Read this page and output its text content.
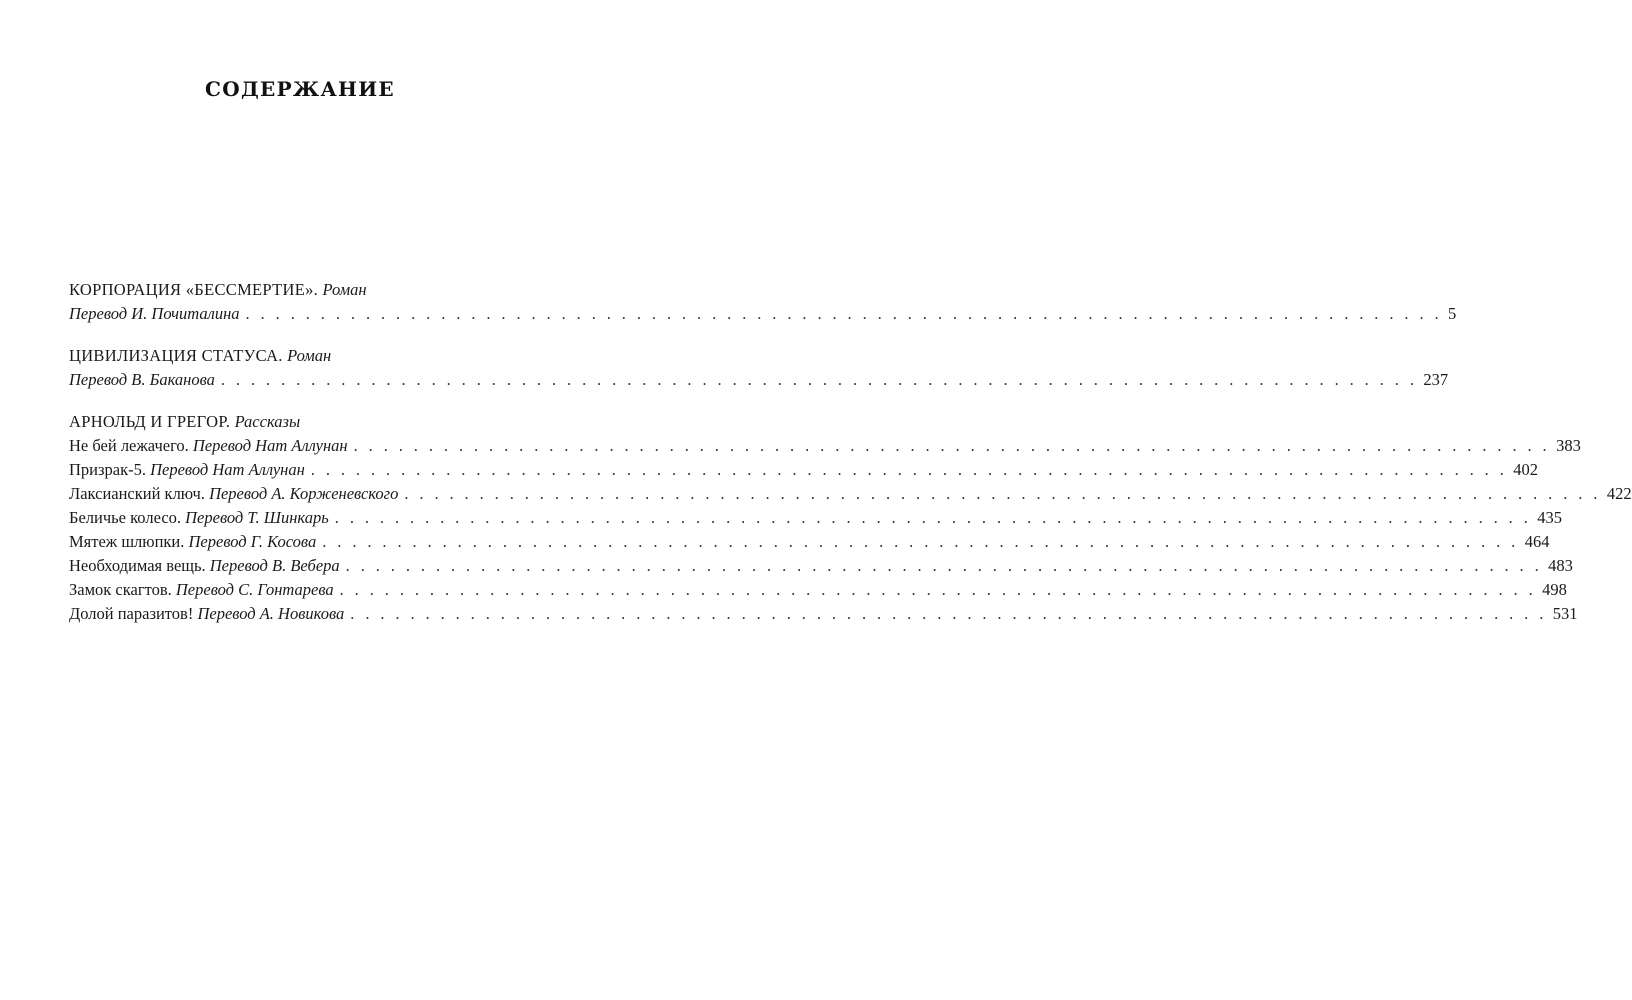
СОДЕРЖАНИЕ
КОРПОРАЦИЯ «БЕССМЕРТИЕ». Роман
Перевод И. Почиталина . . . . . . . . . . . . . . . . . . . . . . . . . . . . . . . . . . . . . . . . . . . . . . . . . . . . . . . . . . . . . . . . . . . . . . . . . . . . . . . . 5
ЦИВИЛИЗАЦИЯ СТАТУСА. Роман
Перевод В. Баканова . . . . . . . . . . . . . . . . . . . . . . . . . . . . . . . . . . . . . . . . . . . . . . . . . . . . . . . . . . . . . . . . . . . . . . . . . . . . . . . . 237
АРНОЛЬД И ГРЕГОР. Рассказы
Не бей лежачего. Перевод Нат Аллунан . . . . . . . . . . . . . . . . . . . . . . . . . . . . . . . . . . . . . . . . . . . . . . . . . . . . . . . . . . . . . . . . . . . . . . . . . . . . . . . . 383
Призрак-5. Перевод Нат Аллунан . . . . . . . . . . . . . . . . . . . . . . . . . . . . . . . . . . . . . . . . . . . . . . . . . . . . . . . . . . . . . . . . . . . . . . . . . . . . . . . . 402
Лаксианский ключ. Перевод А. Корженевского . . . . . . . . . . . . . . . . . . . . . . . . . . . . . . . . . . . . . . . . . . . . . . . . . . . . . . . . . . . . . . . . . . . . . . . . . . . . . . . . 422
Беличье колесо. Перевод Т. Шинкарь . . . . . . . . . . . . . . . . . . . . . . . . . . . . . . . . . . . . . . . . . . . . . . . . . . . . . . . . . . . . . . . . . . . . . . . . . . . . . . . . 435
Мятеж шлюпки. Перевод Г. Косова . . . . . . . . . . . . . . . . . . . . . . . . . . . . . . . . . . . . . . . . . . . . . . . . . . . . . . . . . . . . . . . . . . . . . . . . . . . . . . . . 464
Необходимая вещь. Перевод В. Вебера . . . . . . . . . . . . . . . . . . . . . . . . . . . . . . . . . . . . . . . . . . . . . . . . . . . . . . . . . . . . . . . . . . . . . . . . . . . . . . . . 483
Замок скагтов. Перевод С. Гонтарева . . . . . . . . . . . . . . . . . . . . . . . . . . . . . . . . . . . . . . . . . . . . . . . . . . . . . . . . . . . . . . . . . . . . . . . . . . . . . . . . 498
Долой паразитов! Перевод А. Новикова . . . . . . . . . . . . . . . . . . . . . . . . . . . . . . . . . . . . . . . . . . . . . . . . . . . . . . . . . . . . . . . . . . . . . . . . . . . . . . . . 531
